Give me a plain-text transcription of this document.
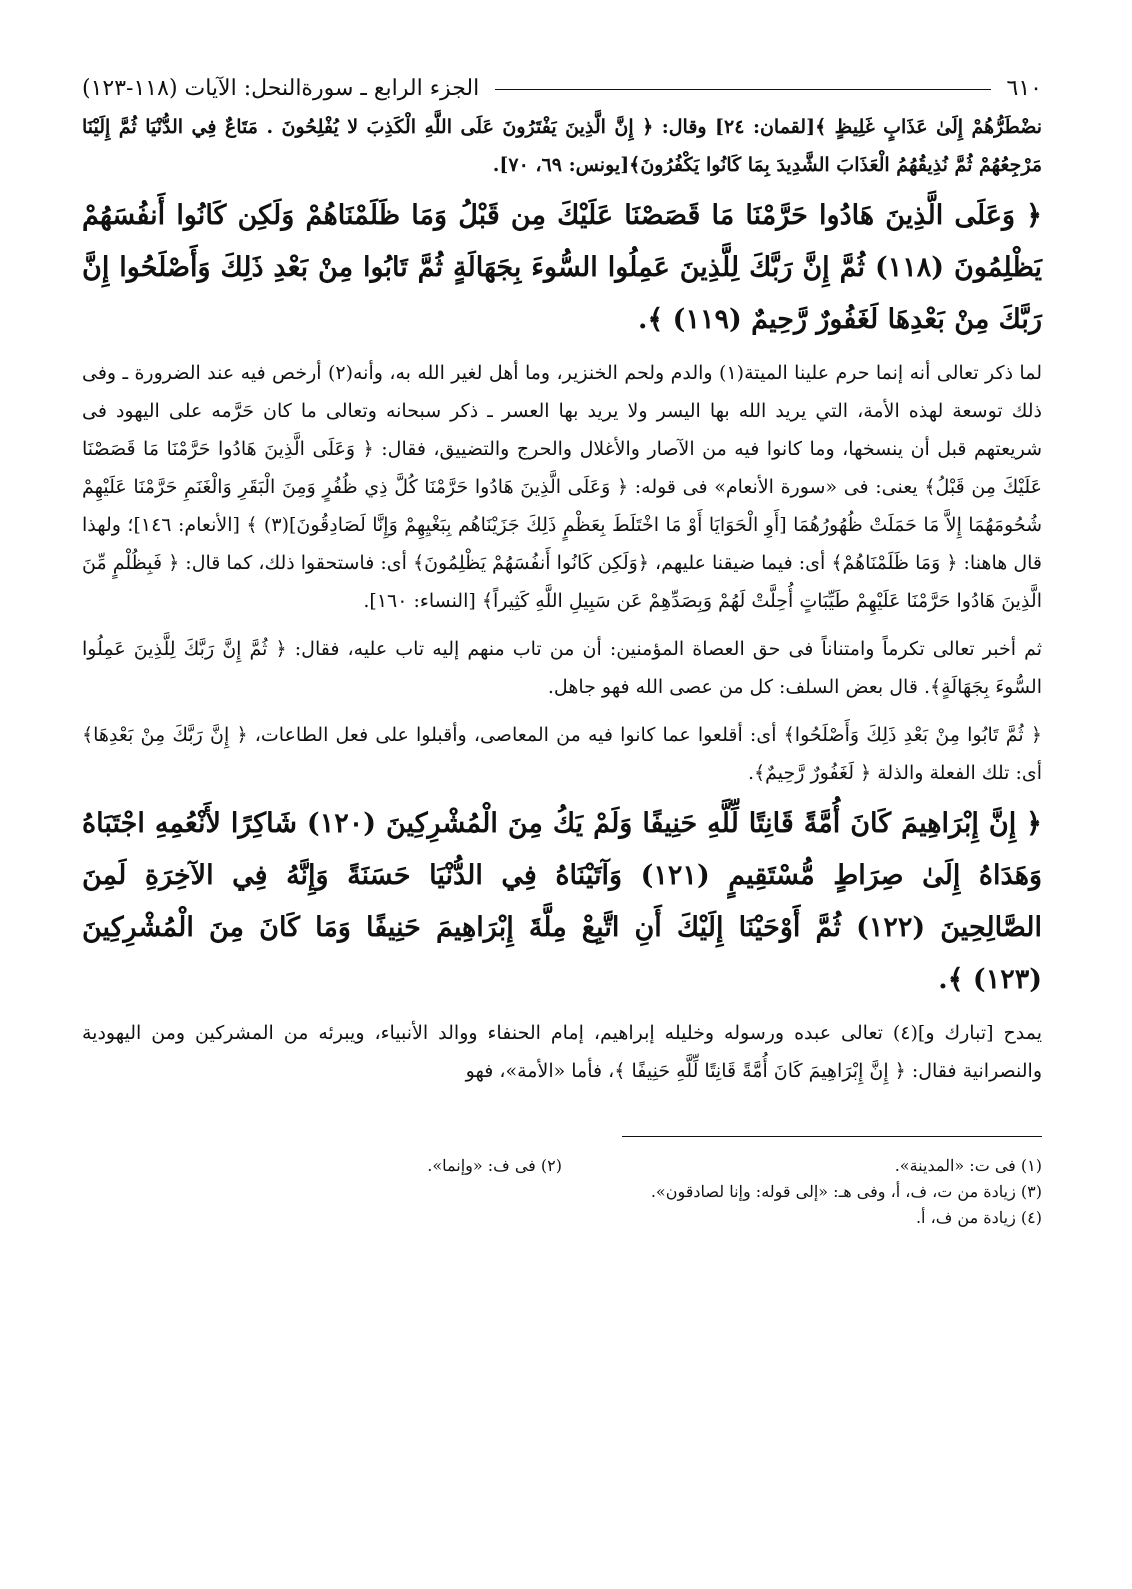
٦١٠
الجزء الرابع ـ سورةالنحل: الآيات (١١٨-١٢٣)

نضْطَرُّهُمْ إِلَىٰ عَذَابٍ غَلِيظٍ ﴾[لقمان: ٢٤] وقال: ﴿ إِنَّ الَّذِينَ يَفْتَرُونَ عَلَى اللَّهِ الْكَذِبَ لا يُفْلِحُونَ . مَتَاعٌ فِي الدُّنْيَا ثُمَّ إِلَيْنَا مَرْجِعُهُمْ ثُمَّ نُذِيقُهُمُ الْعَذَابَ الشَّدِيدَ بِمَا كَانُوا يَكْفُرُونَ﴾[يونس: ٦٩، ٧٠].

﴿ وَعَلَى الَّذِينَ هَادُوا حَرَّمْنَا مَا قَصَصْنَا عَلَيْكَ مِن قَبْلُ وَمَا ظَلَمْنَاهُمْ وَلَكِن كَانُوا أَنفُسَهُمْ يَظْلِمُونَ (١١٨) ثُمَّ إِنَّ رَبَّكَ لِلَّذِينَ عَمِلُوا السُّوءَ بِجَهَالَةٍ ثُمَّ تَابُوا مِنْ بَعْدِ ذَلِكَ وَأَصْلَحُوا إِنَّ رَبَّكَ مِنْ بَعْدِهَا لَغَفُورٌ رَّحِيمٌ (١١٩) ﴾.

لما ذكر تعالى أنه إنما حرم علينا الميتة(١) والدم ولحم الخنزير، وما أهل لغير الله به، وأنه(٢) أرخص فيه عند الضرورة ـ وفى ذلك توسعة لهذه الأمة، التي يريد الله بها اليسر ولا يريد بها العسر ـ ذكر سبحانه وتعالى ما كان حَرَّمه على اليهود فى شريعتهم قبل أن ينسخها، وما كانوا فيه من الآصار والأغلال والحرج والتضييق، فقال: ﴿ وَعَلَى الَّذِينَ هَادُوا حَرَّمْنَا مَا قَصَصْنَا عَلَيْكَ مِن قَبْلُ﴾ يعنى: فى «سورة الأنعام» فى قوله: ﴿ وَعَلَى الَّذِينَ هَادُوا حَرَّمْنَا كُلَّ ذِي ظُفُرٍ وَمِنَ الْبَقَرِ وَالْغَنَمِ حَرَّمْنَا عَلَيْهِمْ شُحُومَهُمَا إِلاَّ مَا حَمَلَتْ ظُهُورُهُمَا [أَوِ الْحَوَايَا أَوْ مَا اخْتَلَطَ بِعَظْمٍ ذَلِكَ جَزَيْنَاهُم بِبَغْيِهِمْ وَإِنَّا لَصَادِقُونَ](٣) ﴾ [الأنعام: ١٤٦]؛ ولهذا قال هاهنا: ﴿ وَمَا ظَلَمْنَاهُمْ﴾ أى: فيما ضيقنا عليهم، ﴿وَلَكِن كَانُوا أَنفُسَهُمْ يَظْلِمُونَ﴾ أى: فاستحقوا ذلك، كما قال: ﴿ فَبِظُلْمٍ مِّنَ الَّذِينَ هَادُوا حَرَّمْنَا عَلَيْهِمْ طَيِّبَاتٍ أُحِلَّتْ لَهُمْ وَبِصَدِّهِمْ عَن سَبِيلِ اللَّهِ كَثِيراً﴾ [النساء: ١٦٠].

ثم أخبر تعالى تكرماً وامتناناً فى حق العصاة المؤمنين: أن من تاب منهم إليه تاب عليه، فقال: ﴿ ثُمَّ إِنَّ رَبَّكَ لِلَّذِينَ عَمِلُوا السُّوءَ بِجَهَالَةٍ﴾. قال بعض السلف: كل من عصى الله فهو جاهل.

﴿ ثُمَّ تَابُوا مِنْ بَعْدِ ذَلِكَ وَأَصْلَحُوا﴾ أى: أقلعوا عما كانوا فيه من المعاصى، وأقبلوا على فعل الطاعات، ﴿ إِنَّ رَبَّكَ مِنْ بَعْدِهَا﴾ أى: تلك الفعلة والذلة ﴿ لَغَفُورٌ رَّحِيمٌ﴾.

﴿ إِنَّ إِبْرَاهِيمَ كَانَ أُمَّةً قَانِتًا لِّلَّهِ حَنِيفًا وَلَمْ يَكُ مِنَ الْمُشْرِكِينَ (١٢٠) شَاكِرًا لأَنْعُمِهِ اجْتَبَاهُ وَهَدَاهُ إِلَىٰ صِرَاطٍ مُّسْتَقِيمٍ (١٢١) وَآتَيْنَاهُ فِي الدُّنْيَا حَسَنَةً وَإِنَّهُ فِي الآخِرَةِ لَمِنَ الصَّالِحِينَ (١٢٢) ثُمَّ أَوْحَيْنَا إِلَيْكَ أَنِ اتَّبِعْ مِلَّةَ إِبْرَاهِيمَ حَنِيفًا وَمَا كَانَ مِنَ الْمُشْرِكِينَ (١٢٣) ﴾.

يمدح [تبارك و](٤) تعالى عبده ورسوله وخليله إبراهيم، إمام الحنفاء ووالد الأنبياء، ويبرئه من المشركين ومن اليهودية والنصرانية فقال: ﴿ إِنَّ إِبْرَاهِيمَ كَانَ أُمَّةً قَانِتًا لِّلَّهِ حَنِيفًا ﴾، فأما «الأمة»، فهو

(١) فى ت: «المدينة».
(٢) فى ف: «وإنما».
(٣) زيادة من ت، ف، أ، وفى هـ: «إلى قوله: وإنا لصادقون».
(٤) زيادة من ف، أ.
